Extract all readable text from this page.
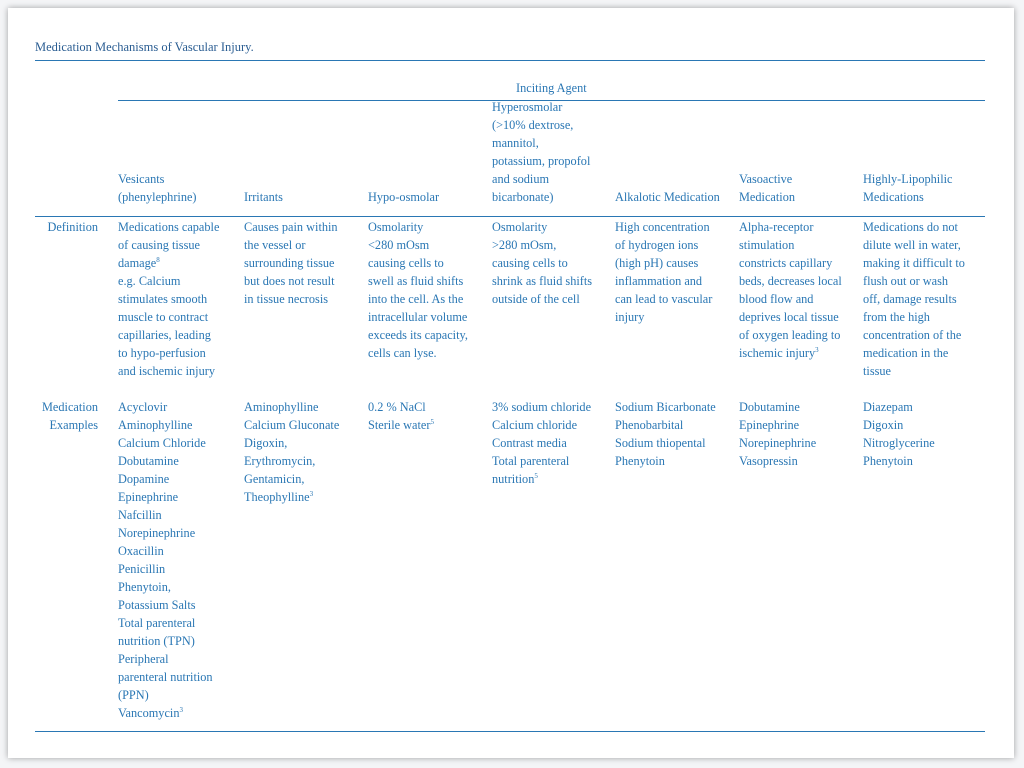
Medication Mechanisms of Vascular Injury.
Inciting Agent
Definition
Medication
Examples
Vesicants
(phenylephrine)
Medications capable
of causing tissue
damage$^8$
e.g. Calcium
stimulates smooth
muscle to contract
capillaries, leading
to hypo-perfusion
and ischemic injury
Acyclovir
Aminophylline
Calcium Chloride
Dobutamine
Dopamine
Epinephrine
Nafcillin
Norepinephrine
Oxacillin
Penicillin
Phenytoin,
Potassium Salts
Total parenteral
nutrition (TPN)
Peripheral
parenteral nutrition
(PPN)
Vancomycin$^3$
Irritants
Causes pain within
the vessel or
surrounding tissue
but does not result
in tissue necrosis
Aminophylline
Calcium Gluconate
Digoxin,
Erythromycin,
Gentamicin,
Theophylline$^3$
Hypo-osmolar
Osmolarity
<280 mOsm
causing cells to
swell as fluid shifts
into the cell. As the
intracellular volume
exceeds its capacity,
cells can lyse.
0.2 % NaCl
Sterile water$^5$
Hyperosmolar
(>10% dextrose,
mannitol,
potassium, propofol
and sodium
bicarbonate)
Osmolarity
>280 mOsm,
causing cells to
shrink as fluid shifts
outside of the cell
3% sodium chloride
Calcium chloride
Contrast media
Total parenteral
nutrition$^5$
Alkalotic Medication
High concentration
of hydrogen ions
(high pH) causes
inflammation and
can lead to vascular
injury
Sodium Bicarbonate
Phenobarbital
Sodium thiopental
Phenytoin
Vasoactive
Medication
Alpha-receptor
stimulation
constricts capillary
beds, decreases local
blood flow and
deprives local tissue
of oxygen leading to
ischemic injury$^3$
Dobutamine
Epinephrine
Norepinephrine
Vasopressin
Highly-Lipophilic
Medications
Medications do not
dilute well in water,
making it difficult to
flush out or wash
off, damage results
from the high
concentration of the
medication in the
tissue
Diazepam
Digoxin
Nitroglycerine
Phenytoin
